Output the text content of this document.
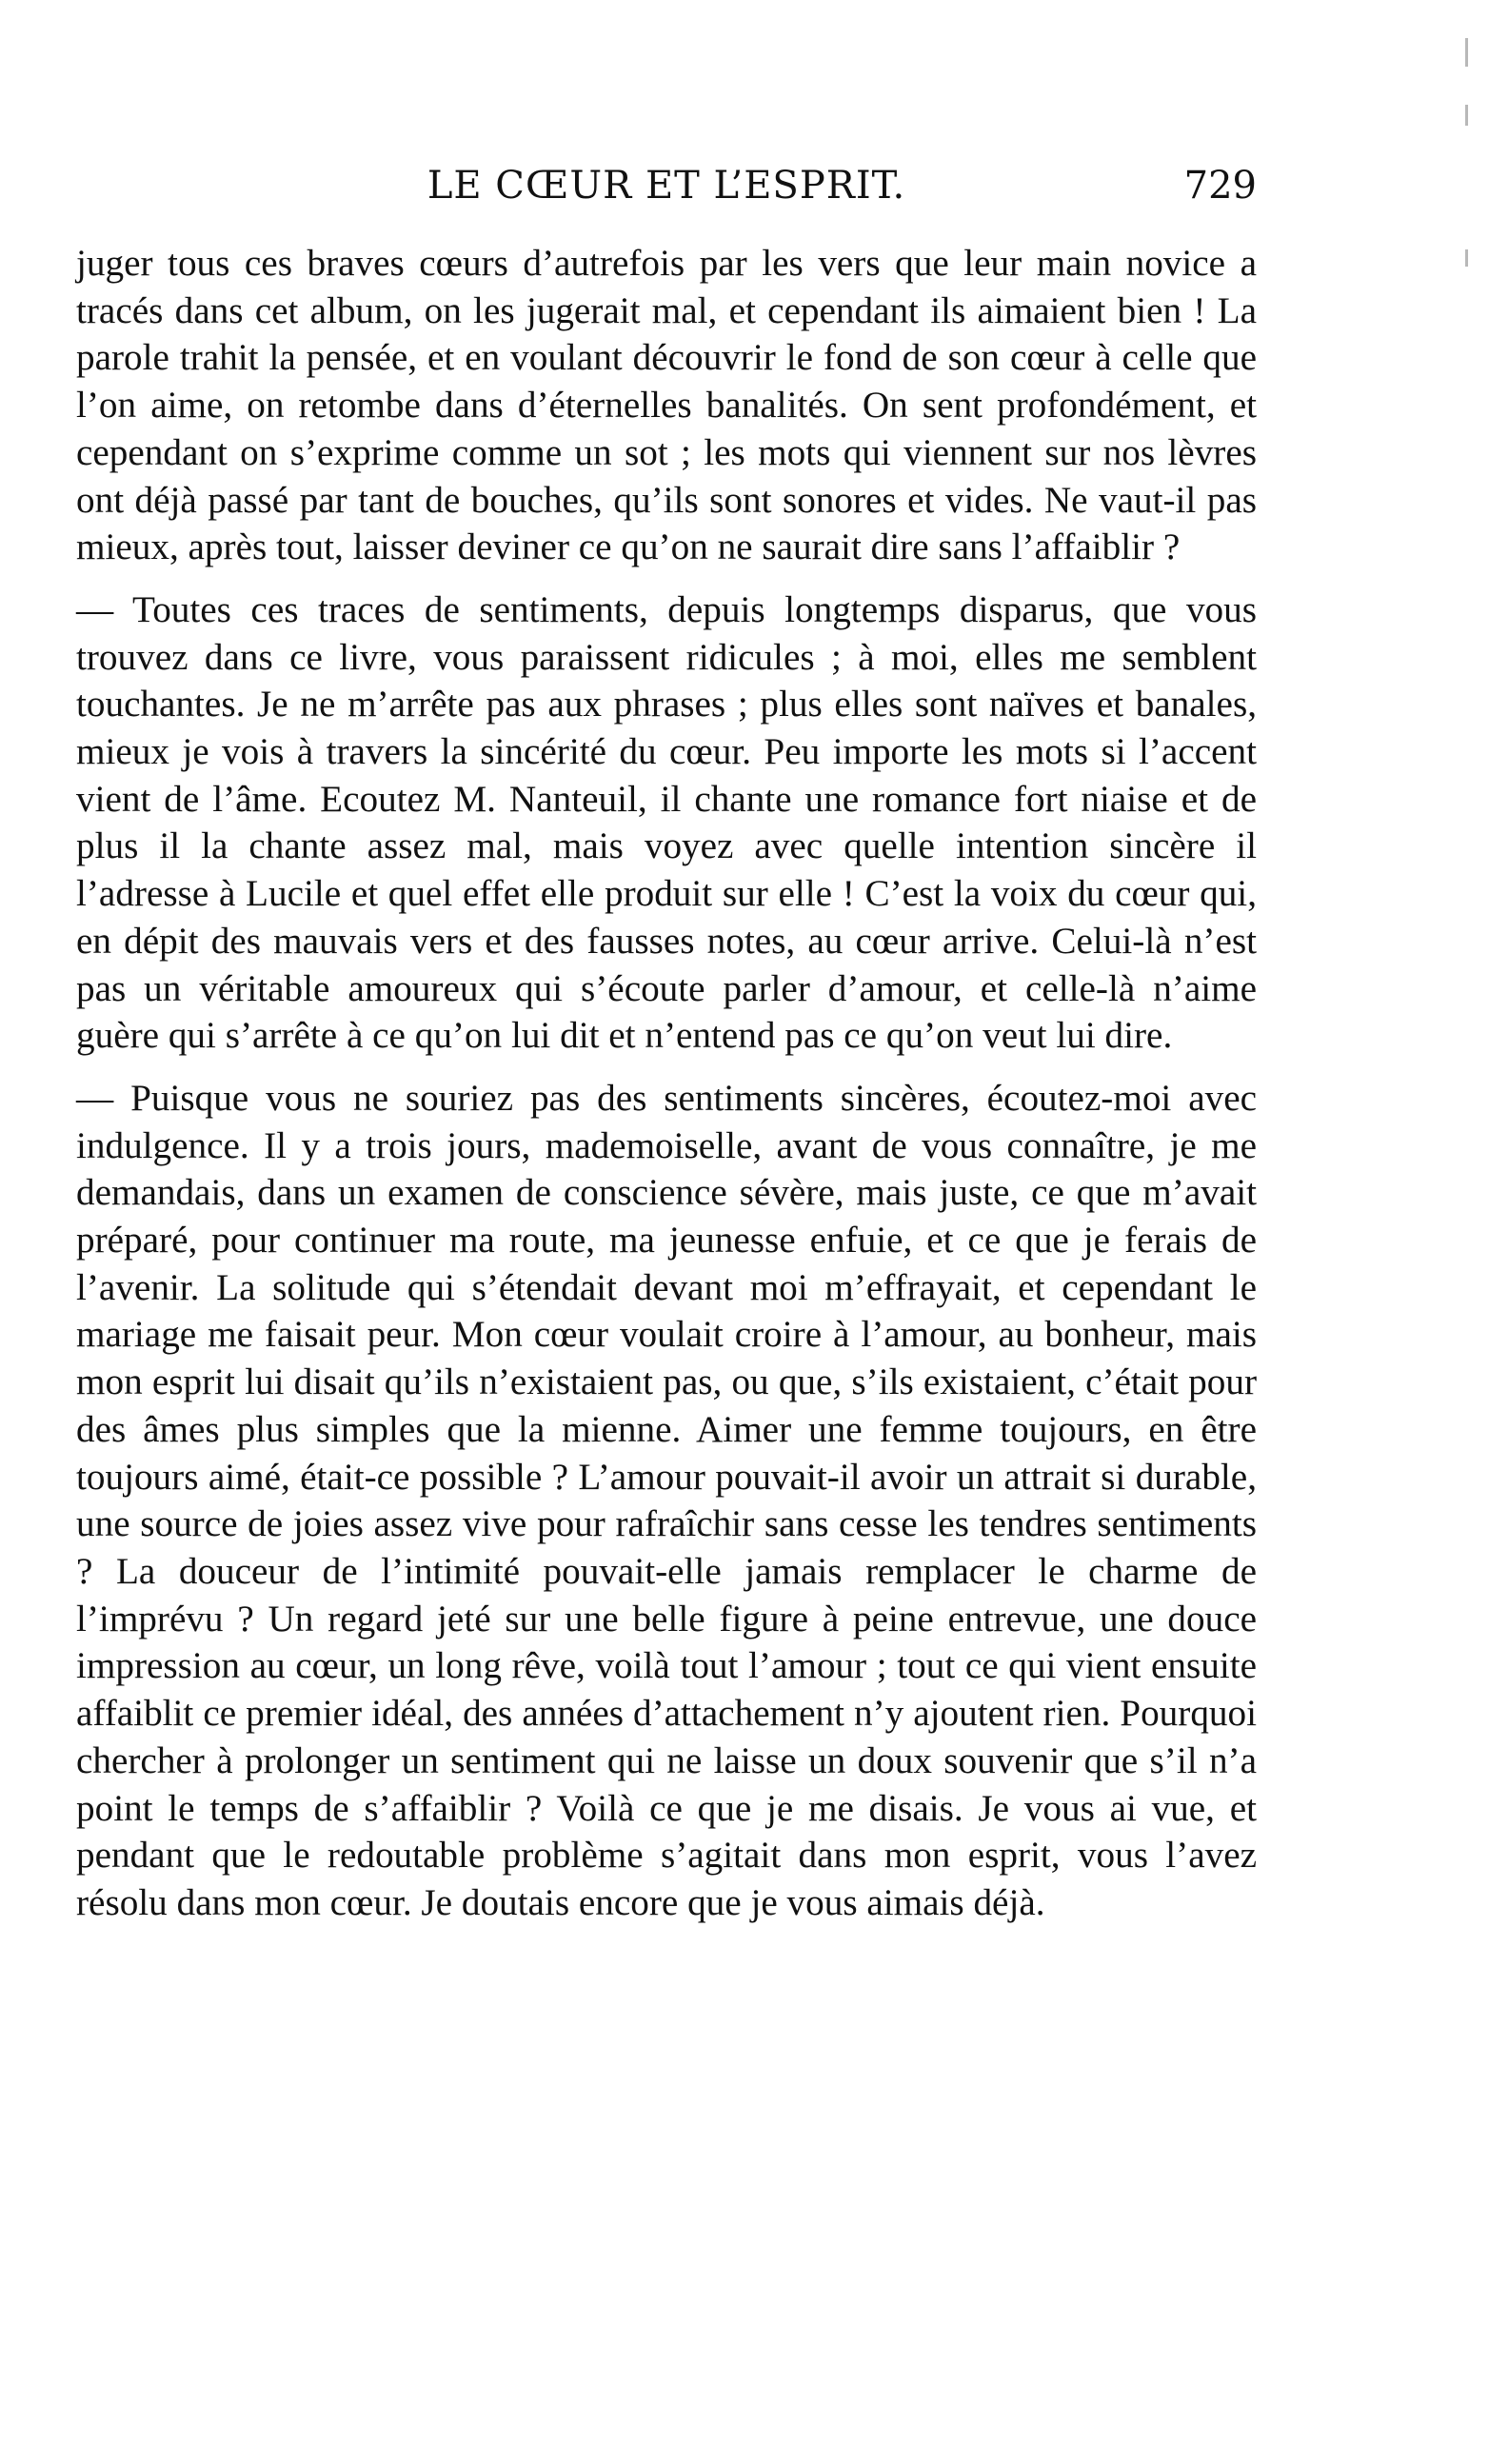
LE CŒUR ET L’ESPRIT.	729

juger tous ces braves cœurs d’autrefois par les vers que leur main novice a tracés dans cet album, on les jugerait mal, et cependant ils aimaient bien ! La parole trahit la pensée, et en voulant découvrir le fond de son cœur à celle que l’on aime, on retombe dans d’éternelles banalités. On sent profondément, et cependant on s’exprime comme un sot ; les mots qui viennent sur nos lèvres ont déjà passé par tant de bouches, qu’ils sont sonores et vides. Ne vaut-il pas mieux, après tout, laisser deviner ce qu’on ne saurait dire sans l’affaiblir ?

— Toutes ces traces de sentiments, depuis longtemps disparus, que vous trouvez dans ce livre, vous paraissent ridicules ; à moi, elles me semblent touchantes. Je ne m’arrête pas aux phrases ; plus elles sont naïves et banales, mieux je vois à travers la sincérité du cœur. Peu importe les mots si l’accent vient de l’âme. Ecoutez M. Nanteuil, il chante une romance fort niaise et de plus il la chante assez mal, mais voyez avec quelle intention sincère il l’adresse à Lucile et quel effet elle produit sur elle ! C’est la voix du cœur qui, en dépit des mauvais vers et des fausses notes, au cœur arrive. Celui-là n’est pas un véritable amoureux qui s’écoute parler d’amour, et celle-là n’aime guère qui s’arrête à ce qu’on lui dit et n’entend pas ce qu’on veut lui dire.

— Puisque vous ne souriez pas des sentiments sincères, écoutez-moi avec indulgence. Il y a trois jours, mademoiselle, avant de vous connaître, je me demandais, dans un examen de conscience sévère, mais juste, ce que m’avait préparé, pour continuer ma route, ma jeunesse enfuie, et ce que je ferais de l’avenir. La solitude qui s’étendait devant moi m’effrayait, et cependant le mariage me faisait peur. Mon cœur voulait croire à l’amour, au bonheur, mais mon esprit lui disait qu’ils n’existaient pas, ou que, s’ils existaient, c’était pour des âmes plus simples que la mienne. Aimer une femme toujours, en être toujours aimé, était-ce possible ? L’amour pouvait-il avoir un attrait si durable, une source de joies assez vive pour rafraîchir sans cesse les tendres sentiments ? La douceur de l’intimité pouvait-elle jamais remplacer le charme de l’imprévu ? Un regard jeté sur une belle figure à peine entrevue, une douce impression au cœur, un long rêve, voilà tout l’amour ; tout ce qui vient ensuite affaiblit ce premier idéal, des années d’attachement n’y ajoutent rien. Pourquoi chercher à prolonger un sentiment qui ne laisse un doux souvenir que s’il n’a point le temps de s’affaiblir ? Voilà ce que je me disais. Je vous ai vue, et pendant que le redoutable problème s’agitait dans mon esprit, vous l’avez résolu dans mon cœur. Je doutais encore que je vous aimais déjà.
